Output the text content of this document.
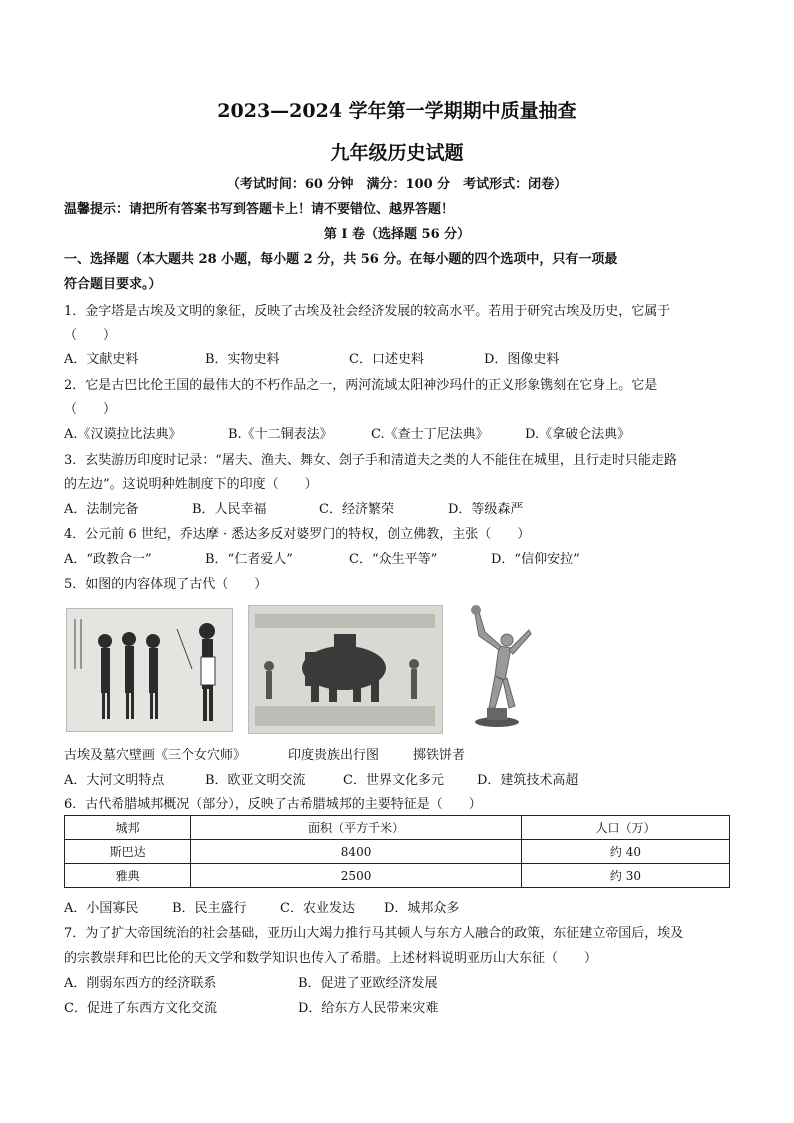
2023—2024 学年第一学期期中质量抽查
九年级历史试题
（考试时间：60 分钟　满分：100 分　考试形式：闭卷）
温馨提示：请把所有答案书写到答题卡上！请不要错位、越界答题！
第 I 卷（选择题 56 分）
一、选择题（本大题共 28 小题，每小题 2 分，共 56 分。在每小题的四个选项中，只有一项最
符合题目要求。）
1．金字塔是古埃及文明的象征，反映了古埃及社会经济发展的较高水平。若用于研究古埃及历史，它属于
（　　）
A．文献史料	B．实物史料	C．口述史料	D．图像史料
2．它是古巴比伦王国的最伟大的不朽作品之一，两河流域太阳神沙玛什的正义形象镌刻在它身上。它是
（　　）
A.《汉谟拉比法典》	B.《十二铜表法》	C.《查士丁尼法典》	D.《拿破仑法典》
3．玄奘游历印度时记录：“屠夫、渔夫、舞女、刽子手和清道夫之类的人不能住在城里，且行走时只能走路
的左边”。这说明种姓制度下的印度（　　）
A．法制完备	B．人民幸福	C．经济繁荣	D．等级森严
4．公元前 6 世纪，乔达摩 · 悉达多反对婆罗门的特权，创立佛教，主张（　　）
A．“政教合一”	B．“仁者爱人”	C．“众生平等”	D．“信仰安拉”
5．如图的内容体现了古代（　　）
古埃及墓穴壁画《三个女穴师》	印度贵族出行图	掷铁饼者
A．大河文明特点	B．欧亚文明交流	C．世界文化多元	D．建筑技术高超
6．古代希腊城邦概况（部分），反映了古希腊城邦的主要特征是（　　）
城邦	面积（平方千米）	人口（万）
斯巴达	8400	约 40
雅典	2500	约 30
A．小国寡民	B．民主盛行	C．农业发达 D．城邦众多
7．为了扩大帝国统治的社会基础，亚历山大竭力推行马其顿人与东方人融合的政策，东征建立帝国后，埃及
的宗教崇拜和巴比伦的天文学和数学知识也传入了希腊。上述材料说明亚历山大东征（　　）
A．削弱东西方的经济联系	B．促进了亚欧经济发展
C．促进了东西方文化交流	D．给东方人民带来灾难
